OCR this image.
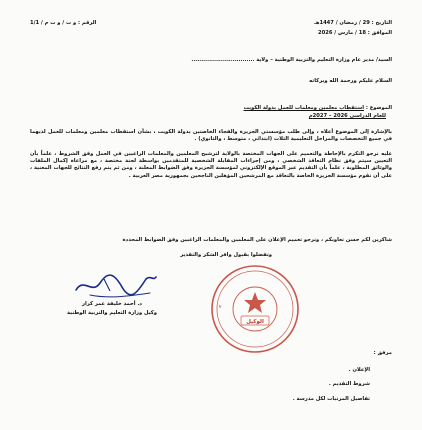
التاريخ : 29 / رمضان / 1447هـ
الموافق : 18 / مارس / 2026
الرقم : و ت / و ت م / 1/1
السيد/ مدير عام وزارة التعليم والتربية الوطنية – ولاية ................................
السلام عليكم ورحمة الله وبركاته
الموضوع : استقطاب معلمين ومعلمات للعمل بدولة الكويت
للعام الدراسي 2026 – 2027م
بالإشارة إلى الموضوع أعلاه ، وإلى طلب مؤسستي الجزيرة والفجاء الخاصتين بدولة الكويت ، بشأن استقطاب معلمين ومعلمات للعمل لديهما في جميع التخصصات والمراحل التعليمية الثلاث (ابتدائي ، متوسط ، والثانوي) .
عليه نرجو التكرم بالإحاطة والتعميم على الجهات المختصة بالولاية لترشيح المعلمين والمعلمات الراغبين في العمل وفق الشروط ، علماً بأن التعيين سيتم وفق نظام التعاقد الشخصي ، ومن إجراءات المقابلة الشخصية للمتقدمين بواسطة لجنة مختصة ، مع مراعاة إكمال الملفات والوثائق المطلوبة ، علماً بأن التقديم عبر الموقع الإلكتروني لمؤسسة الجزيرة وفق الضوابط المعلنة ، ومن ثم يتم رفع النتائج للجهات المعنية ، على أن تقوم مؤسسة الجزيرة الخاصة بالتعاقد مع المرشحين المؤهلين الناجحين بجمهورية مصر العربية .
شاكرين لكم حسن تعاونكم ، ونرجو تعميم الإعلان على المعلمين والمعلمات الراغبين وفق الضوابط المحددة
وتفضلوا بقبول وافر الشكر والتقدير
د. أحمد خليفة عمر كرار
وكيل وزارة التعليم والتربية الوطنية
ج
الوكيل
مرفق :
الإعلان .
شروط التقديم .
تفاصيل المرتبات لكل مدرسة .
